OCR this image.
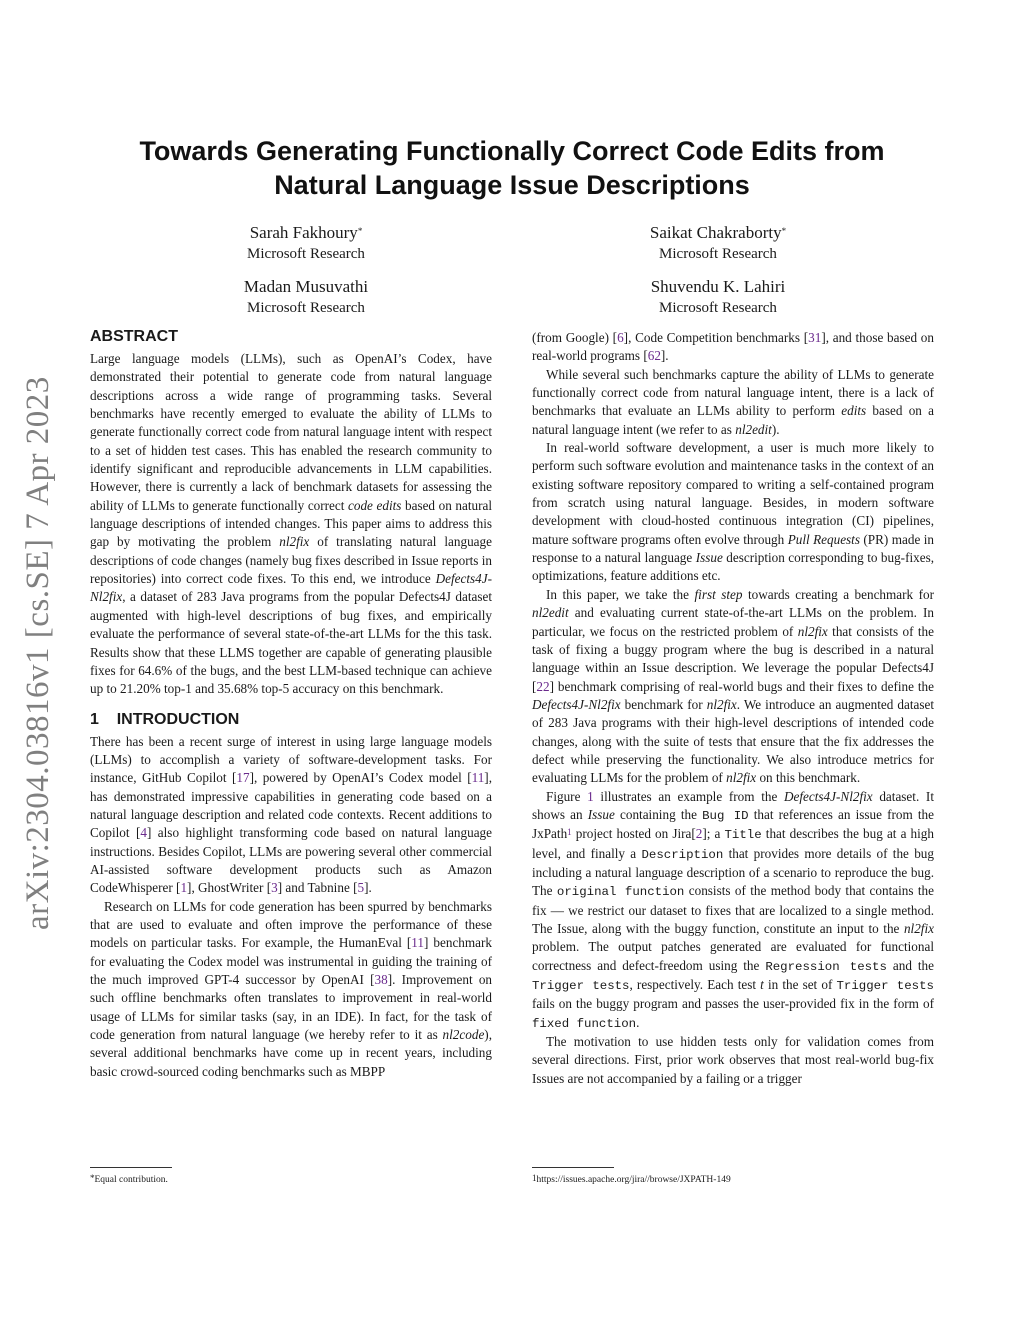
arXiv:2304.03816v1 [cs.SE] 7 Apr 2023
Towards Generating Functionally Correct Code Edits from
Natural Language Issue Descriptions
Sarah Fakhoury*
Microsoft Research
Saikat Chakraborty*
Microsoft Research
Madan Musuvathi
Microsoft Research
Shuvendu K. Lahiri
Microsoft Research
ABSTRACT

Large language models (LLMs), such as OpenAI’s Codex, have demonstrated their potential to generate code from natural language descriptions across a wide range of programming tasks. Several benchmarks have recently emerged to evaluate the ability of LLMs to generate functionally correct code from natural language intent with respect to a set of hidden test cases. This has enabled the research community to identify significant and reproducible advancements in LLM capabilities. However, there is currently a lack of benchmark datasets for assessing the ability of LLMs to generate functionally correct code edits based on natural language descriptions of intended changes. This paper aims to address this gap by motivating the problem nl2fix of translating natural language descriptions of code changes (namely bug fixes described in Issue reports in repositories) into correct code fixes. To this end, we introduce Defects4J-Nl2fix, a dataset of 283 Java programs from the popular Defects4J dataset augmented with high-level descriptions of bug fixes, and empirically evaluate the performance of several state-of-the-art LLMs for the this task. Results show that these LLMS together are capable of generating plausible fixes for 64.6% of the bugs, and the best LLM-based technique can achieve up to 21.20% top-1 and 35.68% top-5 accuracy on this benchmark.

1 INTRODUCTION

There has been a recent surge of interest in using large language models (LLMs) to accomplish a variety of software-development tasks. For instance, GitHub Copilot [17], powered by OpenAI’s Codex model [11], has demonstrated impressive capabilities in generating code based on a natural language description and related code contexts. Recent additions to Copilot [4] also highlight transforming code based on natural language instructions. Besides Copilot, LLMs are powering several other commercial AI-assisted software development products such as Amazon CodeWhisperer [1], GhostWriter [3] and Tabnine [5].

Research on LLMs for code generation has been spurred by benchmarks that are used to evaluate and often improve the performance of these models on particular tasks. For example, the HumanEval [11] benchmark for evaluating the Codex model was instrumental in guiding the training of the much improved GPT-4 successor by OpenAI [38]. Improvement on such offline benchmarks often translates to improvement in real-world usage of LLMs for similar tasks (say, in an IDE). In fact, for the task of code generation from natural language (we hereby refer to it as nl2code), several additional benchmarks have come up in recent years, including basic crowd-sourced coding benchmarks such as MBPP

(from Google) [6], Code Competition benchmarks [31], and those based on real-world programs [62].

While several such benchmarks capture the ability of LLMs to generate functionally correct code from natural language intent, there is a lack of benchmarks that evaluate an LLMs ability to perform edits based on a natural language intent (we refer to as nl2edit).

In real-world software development, a user is much more likely to perform such software evolution and maintenance tasks in the context of an existing software repository compared to writing a self-contained program from scratch using natural language. Besides, in modern software development with cloud-hosted continuous integration (CI) pipelines, mature software programs often evolve through Pull Requests (PR) made in response to a natural language Issue description corresponding to bug-fixes, optimizations, feature additions etc.

In this paper, we take the first step towards creating a benchmark for nl2edit and evaluating current state-of-the-art LLMs on the problem. In particular, we focus on the restricted problem of nl2fix that consists of the task of fixing a buggy program where the bug is described in a natural language within an Issue description. We leverage the popular Defects4J [22] benchmark comprising of real-world bugs and their fixes to define the Defects4J-Nl2fix benchmark for nl2fix. We introduce an augmented dataset of 283 Java programs with their high-level descriptions of intended code changes, along with the suite of tests that ensure that the fix addresses the defect while preserving the functionality. We also introduce metrics for evaluating LLMs for the problem of nl2fix on this benchmark.

Figure 1 illustrates an example from the Defects4J-Nl2fix dataset. It shows an Issue containing the Bug ID that references an issue from the JxPath$^1$ project hosted on Jira[2]; a Title that describes the bug at a high level, and finally a Description that provides more details of the bug including a natural language description of a scenario to reproduce the bug. The original function consists of the method body that contains the fix — we restrict our dataset to fixes that are localized to a single method. The Issue, along with the buggy function, constitute an input to the nl2fix problem. The output patches generated are evaluated for functional correctness and defect-freedom using the Regression tests and the Trigger tests, respectively. Each test t in the set of Trigger tests fails on the buggy program and passes the user-provided fix in the form of fixed function.

The motivation to use hidden tests only for validation comes from several directions. First, prior work observes that most real-world bug-fix Issues are not accompanied by a failing or a trigger

*Equal contribution.	$^1$https://issues.apache.org/jira//browse/JXPATH-149
